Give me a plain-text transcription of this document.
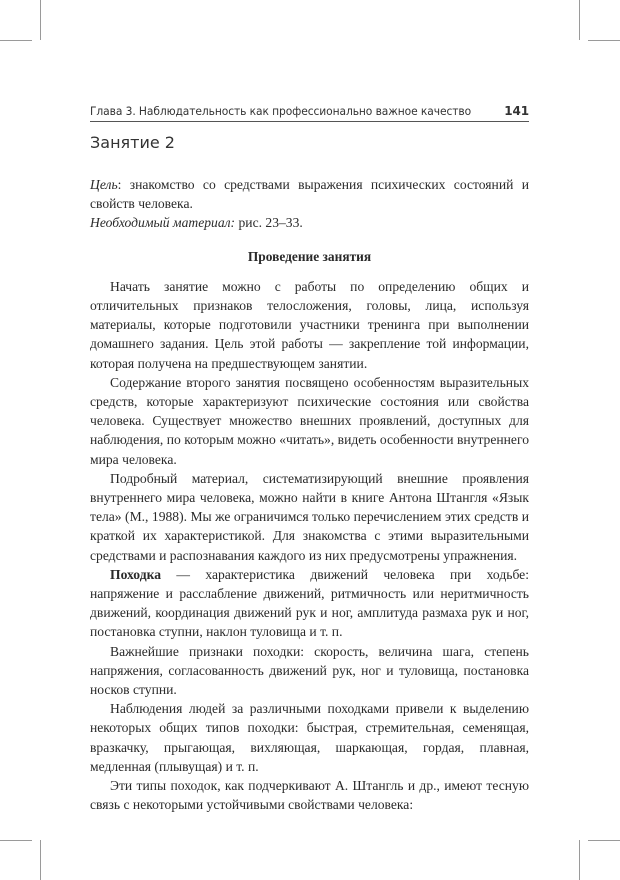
Глава 3. Наблюдательность как профессионально важное качество	141
Занятие 2

Цель: знакомство со средствами выражения психических состояний и свойств человека.

Необходимый материал: рис. 23–33.

Проведение занятия

Начать занятие можно с работы по определению общих и отличительных признаков телосложения, головы, лица, используя материалы, которые подготовили участники тренинга при выполнении домашнего задания. Цель этой работы — закрепление той информации, которая получена на предшествующем занятии.

Содержание второго занятия посвящено особенностям выразительных средств, которые характеризуют психические состояния или свойства человека. Существует множество внешних проявлений, доступных для наблюдения, по которым можно «читать», видеть особенности внутреннего мира человека.

Подробный материал, систематизирующий внешние проявления внутреннего мира человека, можно найти в книге Антона Штангля «Язык тела» (М., 1988). Мы же ограничимся только перечислением этих средств и краткой их характеристикой. Для знакомства с этими выразительными средствами и распознавания каждого из них предусмотрены упражнения.

Походка — характеристика движений человека при ходьбе: напряжение и расслабление движений, ритмичность или неритмичность движений, координация движений рук и ног, амплитуда размаха рук и ног, постановка ступни, наклон туловища и т. п.

Важнейшие признаки походки: скорость, величина шага, степень напряжения, согласованность движений рук, ног и туловища, постановка носков ступни.

Наблюдения людей за различными походками привели к выделению некоторых общих типов походки: быстрая, стремительная, семенящая, вразкачку, прыгающая, вихляющая, шаркающая, гордая, плавная, медленная (плывущая) и т. п.

Эти типы походок, как подчеркивают А. Штангль и др., имеют тесную связь с некоторыми устойчивыми свойствами человека:
